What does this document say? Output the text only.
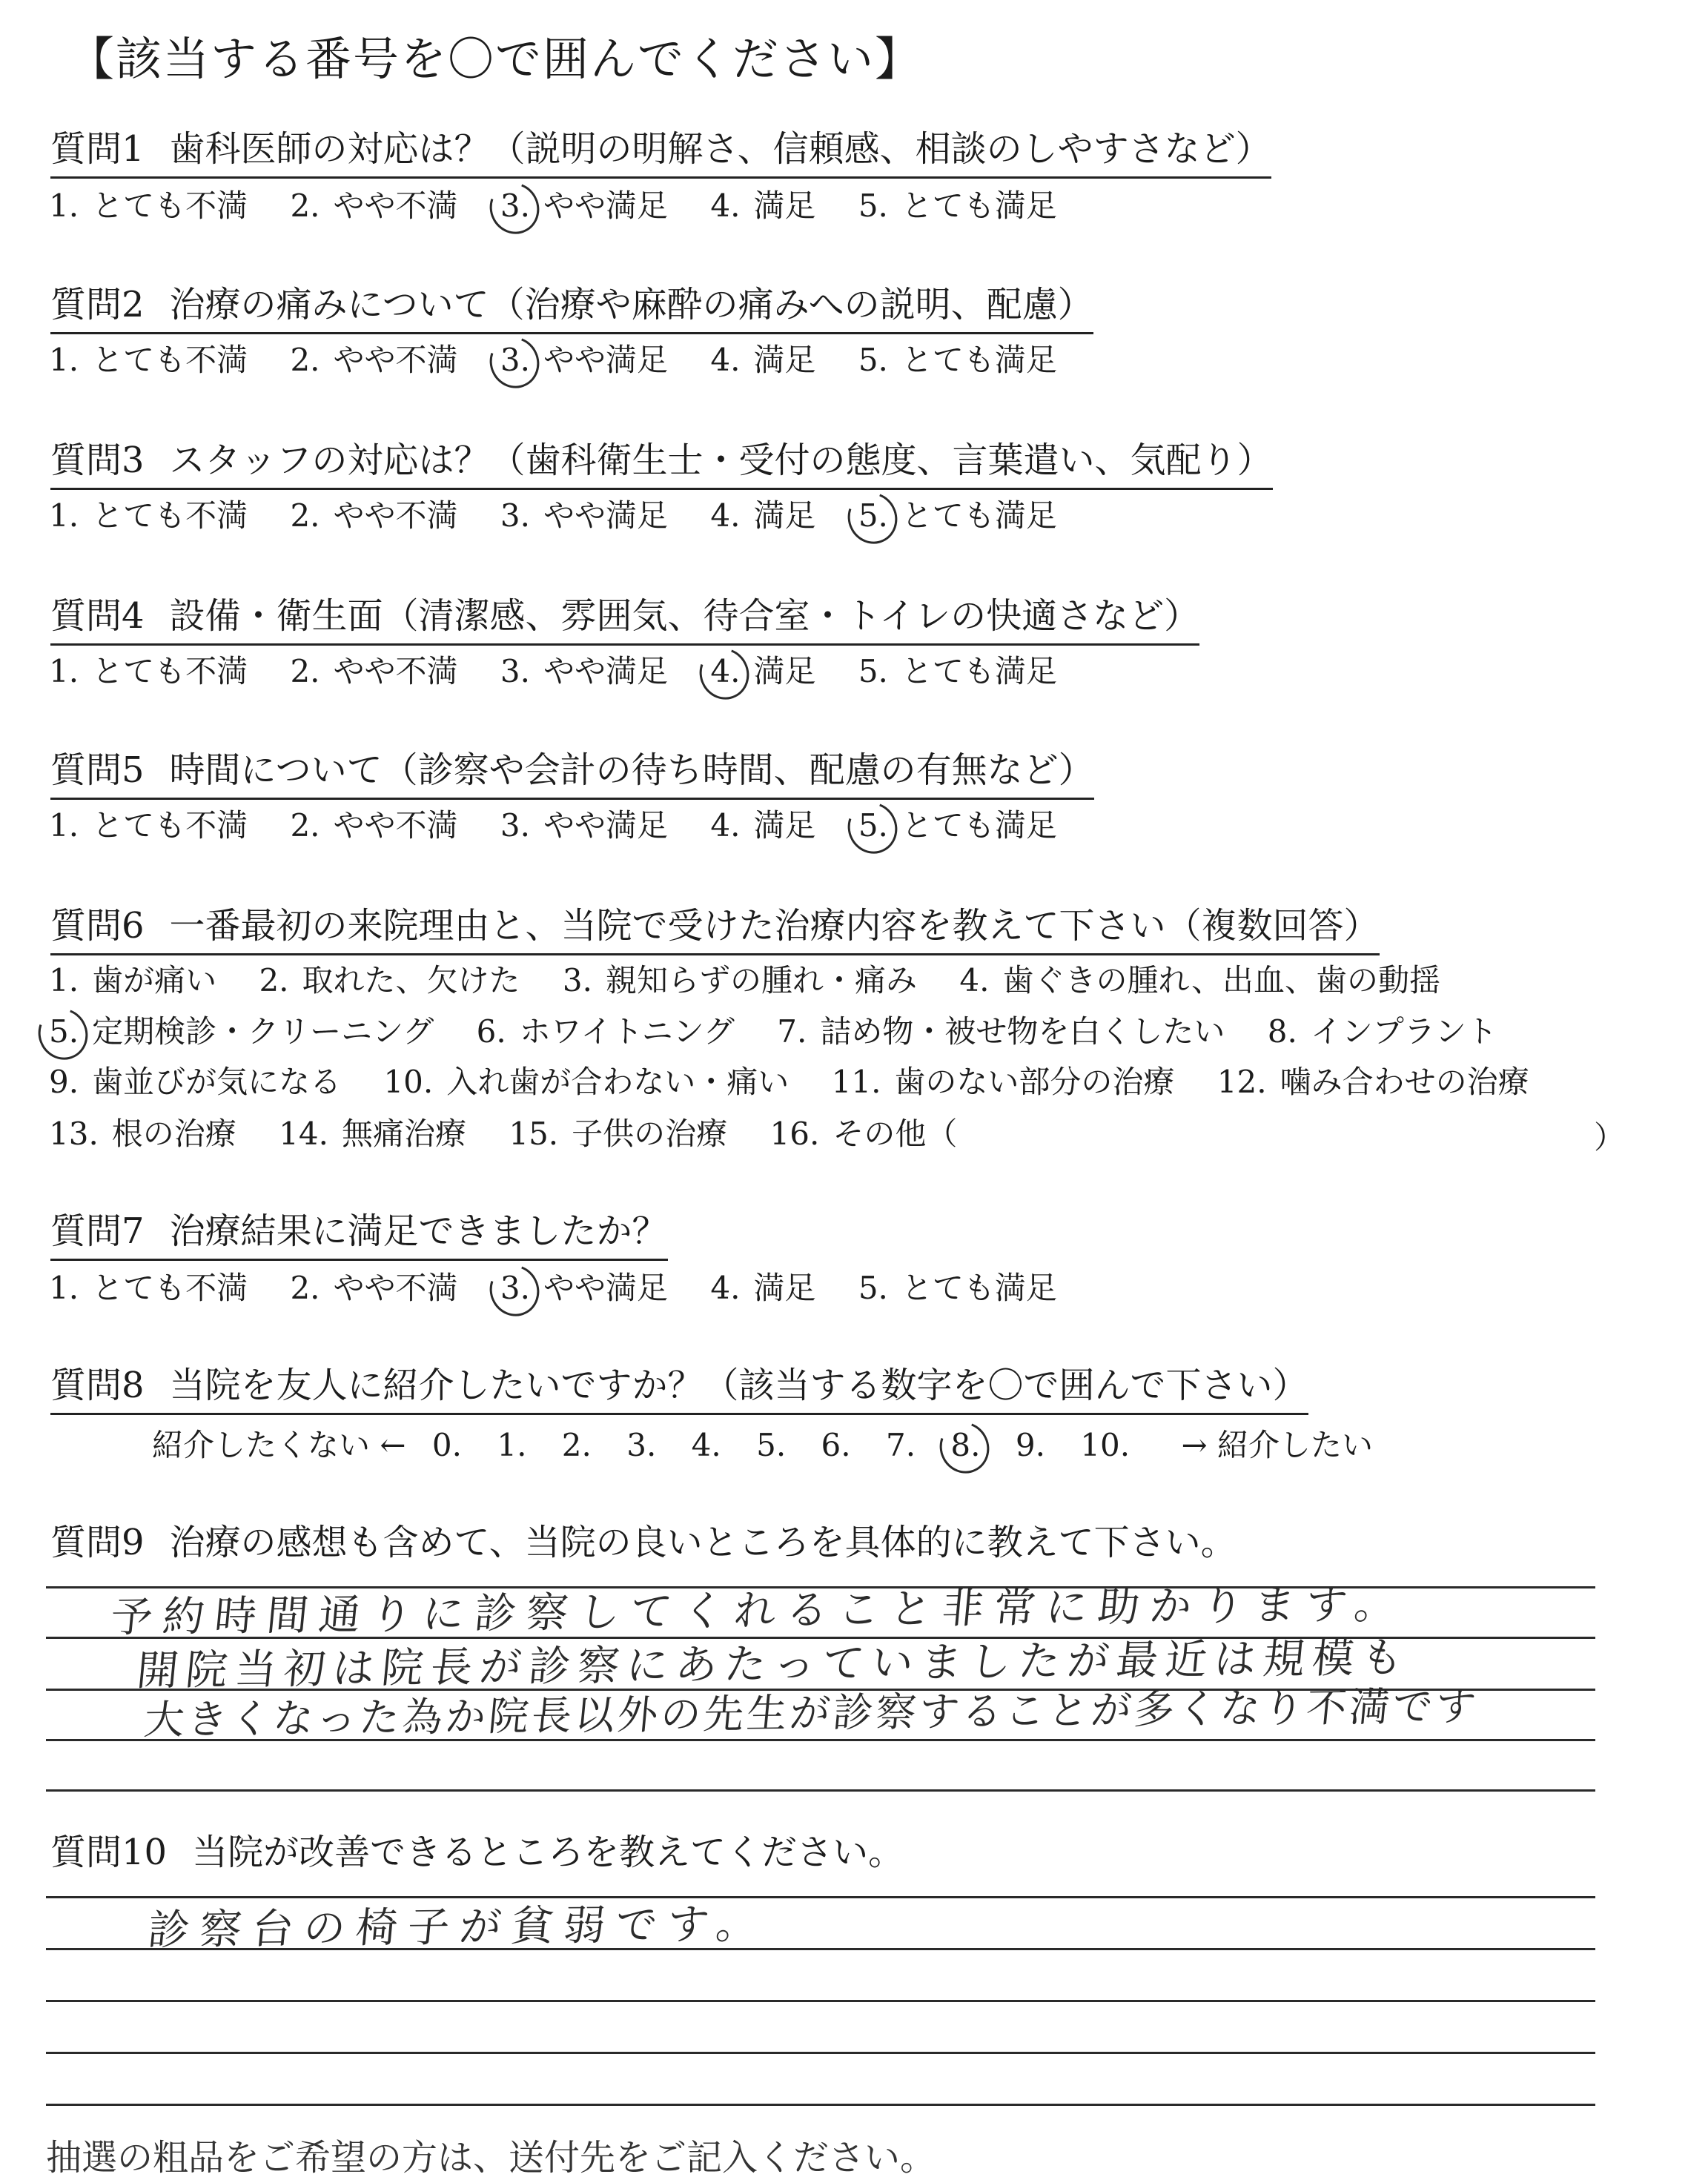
【該当する番号を〇で囲んでください】
質問1 歯科医師の対応は？（説明の明解さ、信頼感、相談のしやすさなど）
1. とても不満 2. やや不満 3. やや満足 4. 満足 5. とても満足
質問2 治療の痛みについて（治療や麻酔の痛みへの説明、配慮）
1. とても不満 2. やや不満 3. やや満足 4. 満足 5. とても満足
質問3 スタッフの対応は？（歯科衛生士・受付の態度、言葉遣い、気配り）
1. とても不満 2. やや不満 3. やや満足 4. 満足 5. とても満足
質問4 設備・衛生面（清潔感、雰囲気、待合室・トイレの快適さなど）
1. とても不満 2. やや不満 3. やや満足 4. 満足 5. とても満足
質問5 時間について（診察や会計の待ち時間、配慮の有無など）
1. とても不満 2. やや不満 3. やや満足 4. 満足 5. とても満足
質問6 一番最初の来院理由と、当院で受けた治療内容を教えて下さい（複数回答）
1. 歯が痛い 2. 取れた、欠けた 3. 親知らずの腫れ・痛み 4. 歯ぐきの腫れ、出血、歯の動揺
5. 定期検診・クリーニング 6. ホワイトニング 7. 詰め物・被せ物を白くしたい 8. インプラント
9. 歯並びが気になる 10. 入れ歯が合わない・痛い 11. 歯のない部分の治療 12. 噛み合わせの治療
13. 根の治療 14. 無痛治療 15. 子供の治療 16. その他（	）
質問7 治療結果に満足できましたか？
1. とても不満 2. やや不満 3. やや満足 4. 満足 5. とても満足
質問8 当院を友人に紹介したいですか？（該当する数字を〇で囲んで下さい）
紹介したくない ← 0. 1. 2. 3. 4. 5. 6. 7. 8. 9. 10. → 紹介したい
質問9 治療の感想も含めて、当院の良いところを具体的に教えて下さい。
予約時間通りに診察してくれること非常に助かります。
開院当初は院長が診察にあたっていましたが最近は規模も
大きくなった為か院長以外の先生が診察することが多くなり不満です
質問10 当院が改善できるところを教えてください。
診察台の椅子が貧弱です。
抽選の粗品をご希望の方は、送付先をご記入ください。
